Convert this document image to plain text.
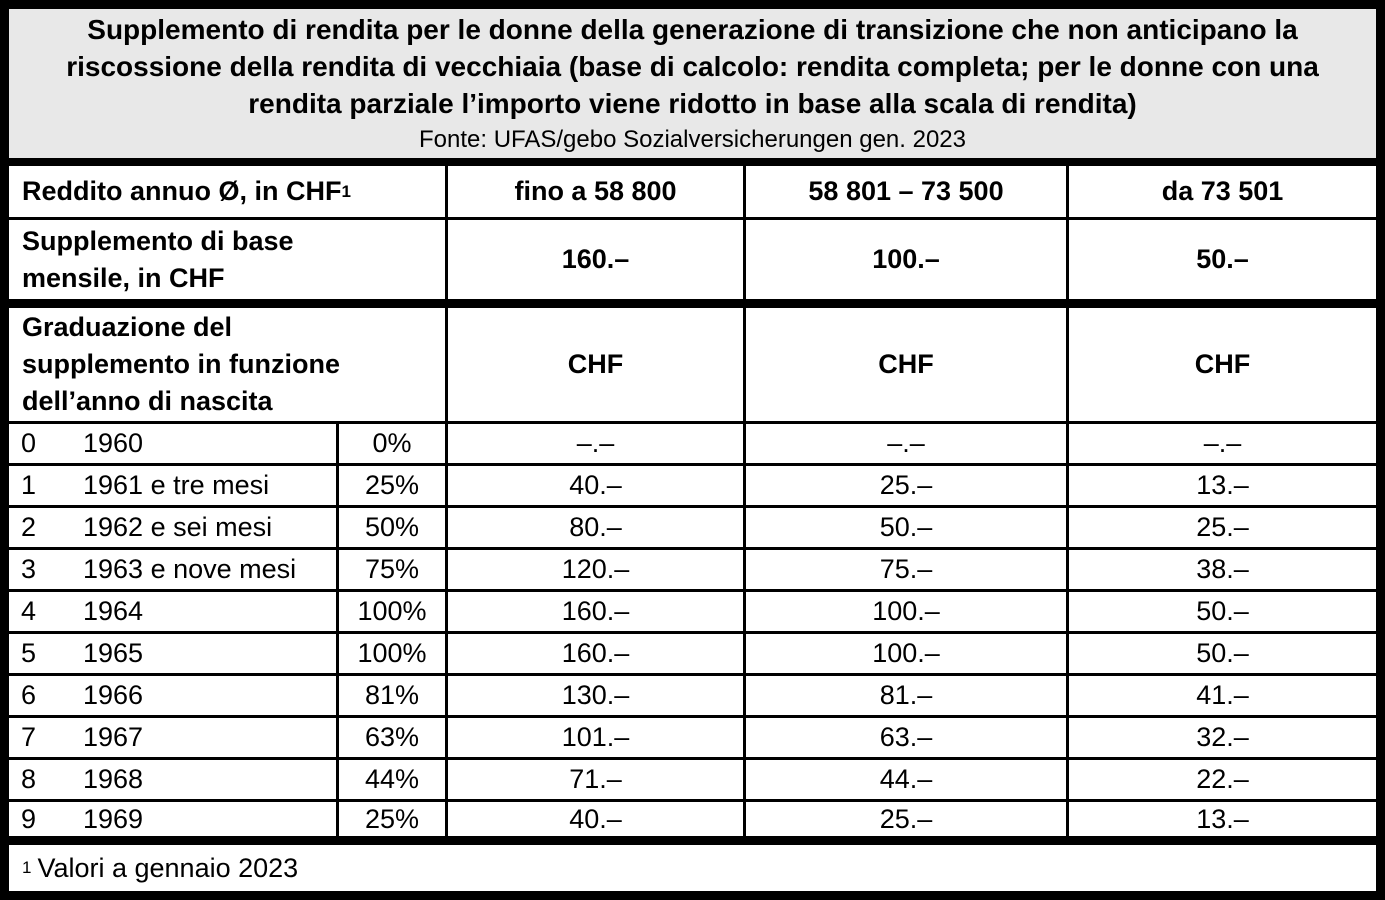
Supplemento di rendita per le donne della generazione di transizione che non anticipano la
riscossione della rendita di vecchiaia (base di calcolo: rendita completa; per le donne con una
rendita parziale l’importo viene ridotto in base alla scala di rendita)
Fonte: UFAS/gebo Sozialversicherungen gen. 2023
Reddito annuo Ø, in CHF 1	fino a 58 800	58 801 – 73 500	da 73 501
Supplemento di base
mensile, in CHF
160.–	100.–	50.–
Graduazione del
supplemento in funzione
dell’anno di nascita
CHF	CHF	CHF
0	1960	0%	–.–	–.–	–.–
1	1961 e tre mesi	25%	40.–	25.–	13.–
2	1962 e sei mesi	50%	80.–	50.–	25.–
3	1963 e nove mesi	75%	120.–	75.–	38.–
4	1964	100%	160.–	100.–	50.–
5	1965	100%	160.–	100.–	50.–
6	1966	81%	130.–	81.–	41.–
7	1967	63%	101.–	63.–	32.–
8	1968	44%	71.–	44.–	22.–
9	1969	25%	40.–	25.–	13.–
1 Valori a gennaio 2023
